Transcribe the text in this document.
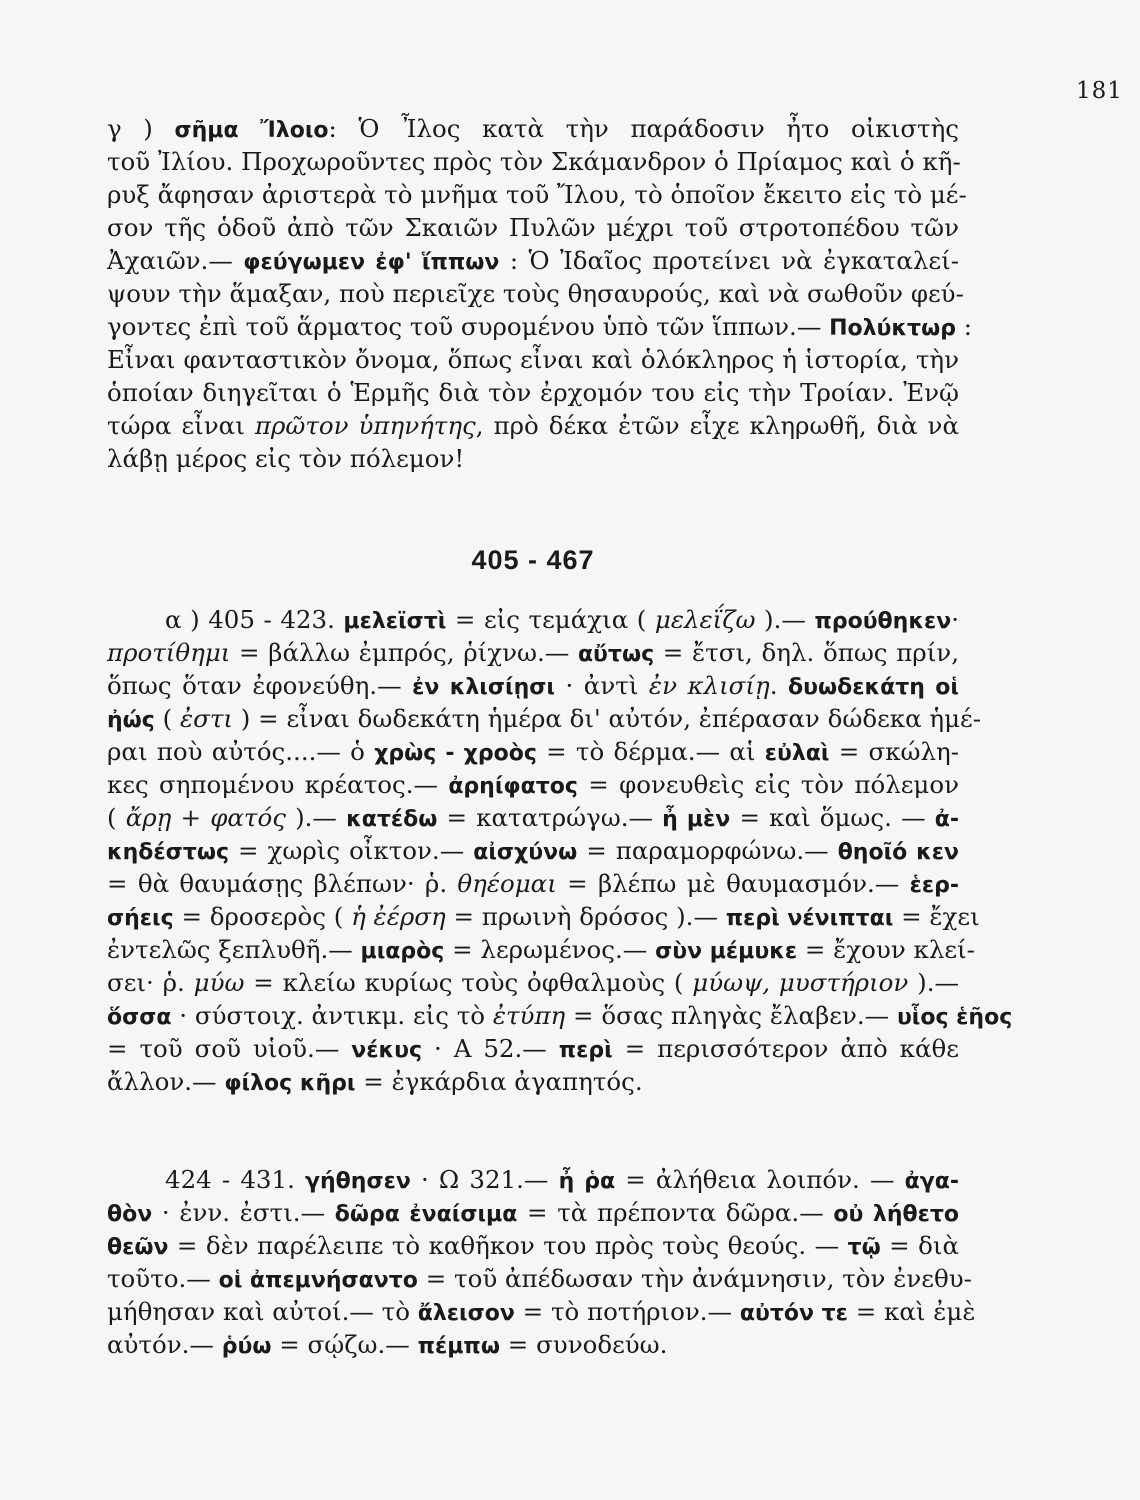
181
γ ) σῆμα Ἴλοιο: Ὁ Ἶλος κατὰ τὴν παράδοσιν ἦτο οἰκιστὴς
τοῦ Ἰλίου. Προχωροῦντες πρὸς τὸν Σκάμανδρον ὁ Πρίαμος καὶ ὁ κῆ-
ρυξ ἄφησαν ἀριστερὰ τὸ μνῆμα τοῦ Ἴλου, τὸ ὁποῖον ἔκειτο εἰς τὸ μέ-
σον τῆς ὁδοῦ ἀπὸ τῶν Σκαιῶν Πυλῶν μέχρι τοῦ στροτοπέδου τῶν
Ἀχαιῶν.— φεύγωμεν ἐφ' ἵππων : Ὁ Ἰδαῖος προτείνει νὰ ἐγκαταλεί-
ψουν τὴν ἅμαξαν, ποὺ περιεῖχε τοὺς θησαυρούς, καὶ νὰ σωθοῦν φεύ-
γοντες ἐπὶ τοῦ ἅρματος τοῦ συρομένου ὑπὸ τῶν ἵππων.— Πολύκτωρ :
Εἶναι φανταστικὸν ὄνομα, ὅπως εἶναι καὶ ὁλόκληρος ἡ ἱστορία, τὴν
ὁποίαν διηγεῖται ὁ Ἑρμῆς διὰ τὸν ἐρχομόν του εἰς τὴν Τροίαν. Ἐνῷ
τώρα εἶναι πρῶτον ὑπηνήτης, πρὸ δέκα ἐτῶν εἶχε κληρωθῆ, διὰ νὰ
λάβῃ μέρος εἰς τὸν πόλεμον!
405 - 467
α ) 405 - 423. μελεϊστὶ = εἰς τεμάχια ( μελεΐζω ).— πρoύθηκεν·
προτίθημι = βάλλω ἐμπρός, ῥίχνω.— αὔτως = ἔτσι, δηλ. ὅπως πρίν,
ὅπως ὅταν ἐφονεύθη.— ἐν κλισίῃσι · ἀντὶ ἐν κλισίῃ. δυωδεκάτη οἱ
ἠώς ( ἐστι ) = εἶναι δωδεκάτη ἡμέρα δι' αὐτόν, ἐπέρασαν δώδεκα ἡμέ-
ραι ποὺ αὐτός....— ὁ χρὼς - χροὸς = τὸ δέρμα.— αἱ εὐλαὶ = σκώλη-
κες σηπομένου κρέατος.— ἀρηίφατος = φονευθεὶς εἰς τὸν πόλεμον
( ἄρῃ + φατός ).— κατέδω = κατατρώγω.— ἦ μὲν = καὶ ὅμως. — ἀ-
κηδέστως = χωρὶς οἶκτον.— αἰσχύνω = παραμορφώνω.— θηοῖό κεν
= θὰ θαυμάσῃς βλέπων· ῥ. θηέομαι = βλέπω μὲ θαυμασμόν.— ἑερ-
σήεις = δροσερὸς ( ἡ ἐέρση = πρωινὴ δρόσος ).— περὶ νένιπται = ἔχει
ἐντελῶς ξεπλυθῆ.— μιαρὸς = λερωμένος.— σὺν μέμυκε = ἔχουν κλεί-
σει· ῥ. μύω = κλείω κυρίως τοὺς ὀφθαλμοὺς ( μύωψ, μυστήριον ).—
ὅσσα · σύστοιχ. ἀντικμ. εἰς τὸ ἐτύπη = ὅσας πληγὰς ἔλαβεν.— υἷος ἑῆος
= τοῦ σοῦ υἱοῦ.— νέκυς · Α 52.— περὶ = περισσότερον ἀπὸ κάθε
ἄλλον.— φίλος κῆρι = ἐγκάρδια ἀγαπητός.
424 - 431. γήθησεν · Ω 321.— ἦ ῥα = ἀλήθεια λοιπόν. — ἀγα-
θὸν · ἐνν. ἐστι.— δῶρα ἐναίσιμα = τὰ πρέποντα δῶρα.— οὐ λήθετο
θεῶν = δὲν παρέλειπε τὸ καθῆκον του πρὸς τοὺς θεούς. — τῷ = διὰ
τοῦτο.— οἱ ἀπεμνήσαντο = τοῦ ἀπέδωσαν τὴν ἀνάμνησιν, τὸν ἐνεθυ-
μήθησαν καὶ αὐτοί.— τὸ ἄλεισον = τὸ ποτήριον.— αὐτόν τε = καὶ ἐμὲ
αὐτόν.— ῥύω = σῴζω.— πέμπω = συνοδεύω.
